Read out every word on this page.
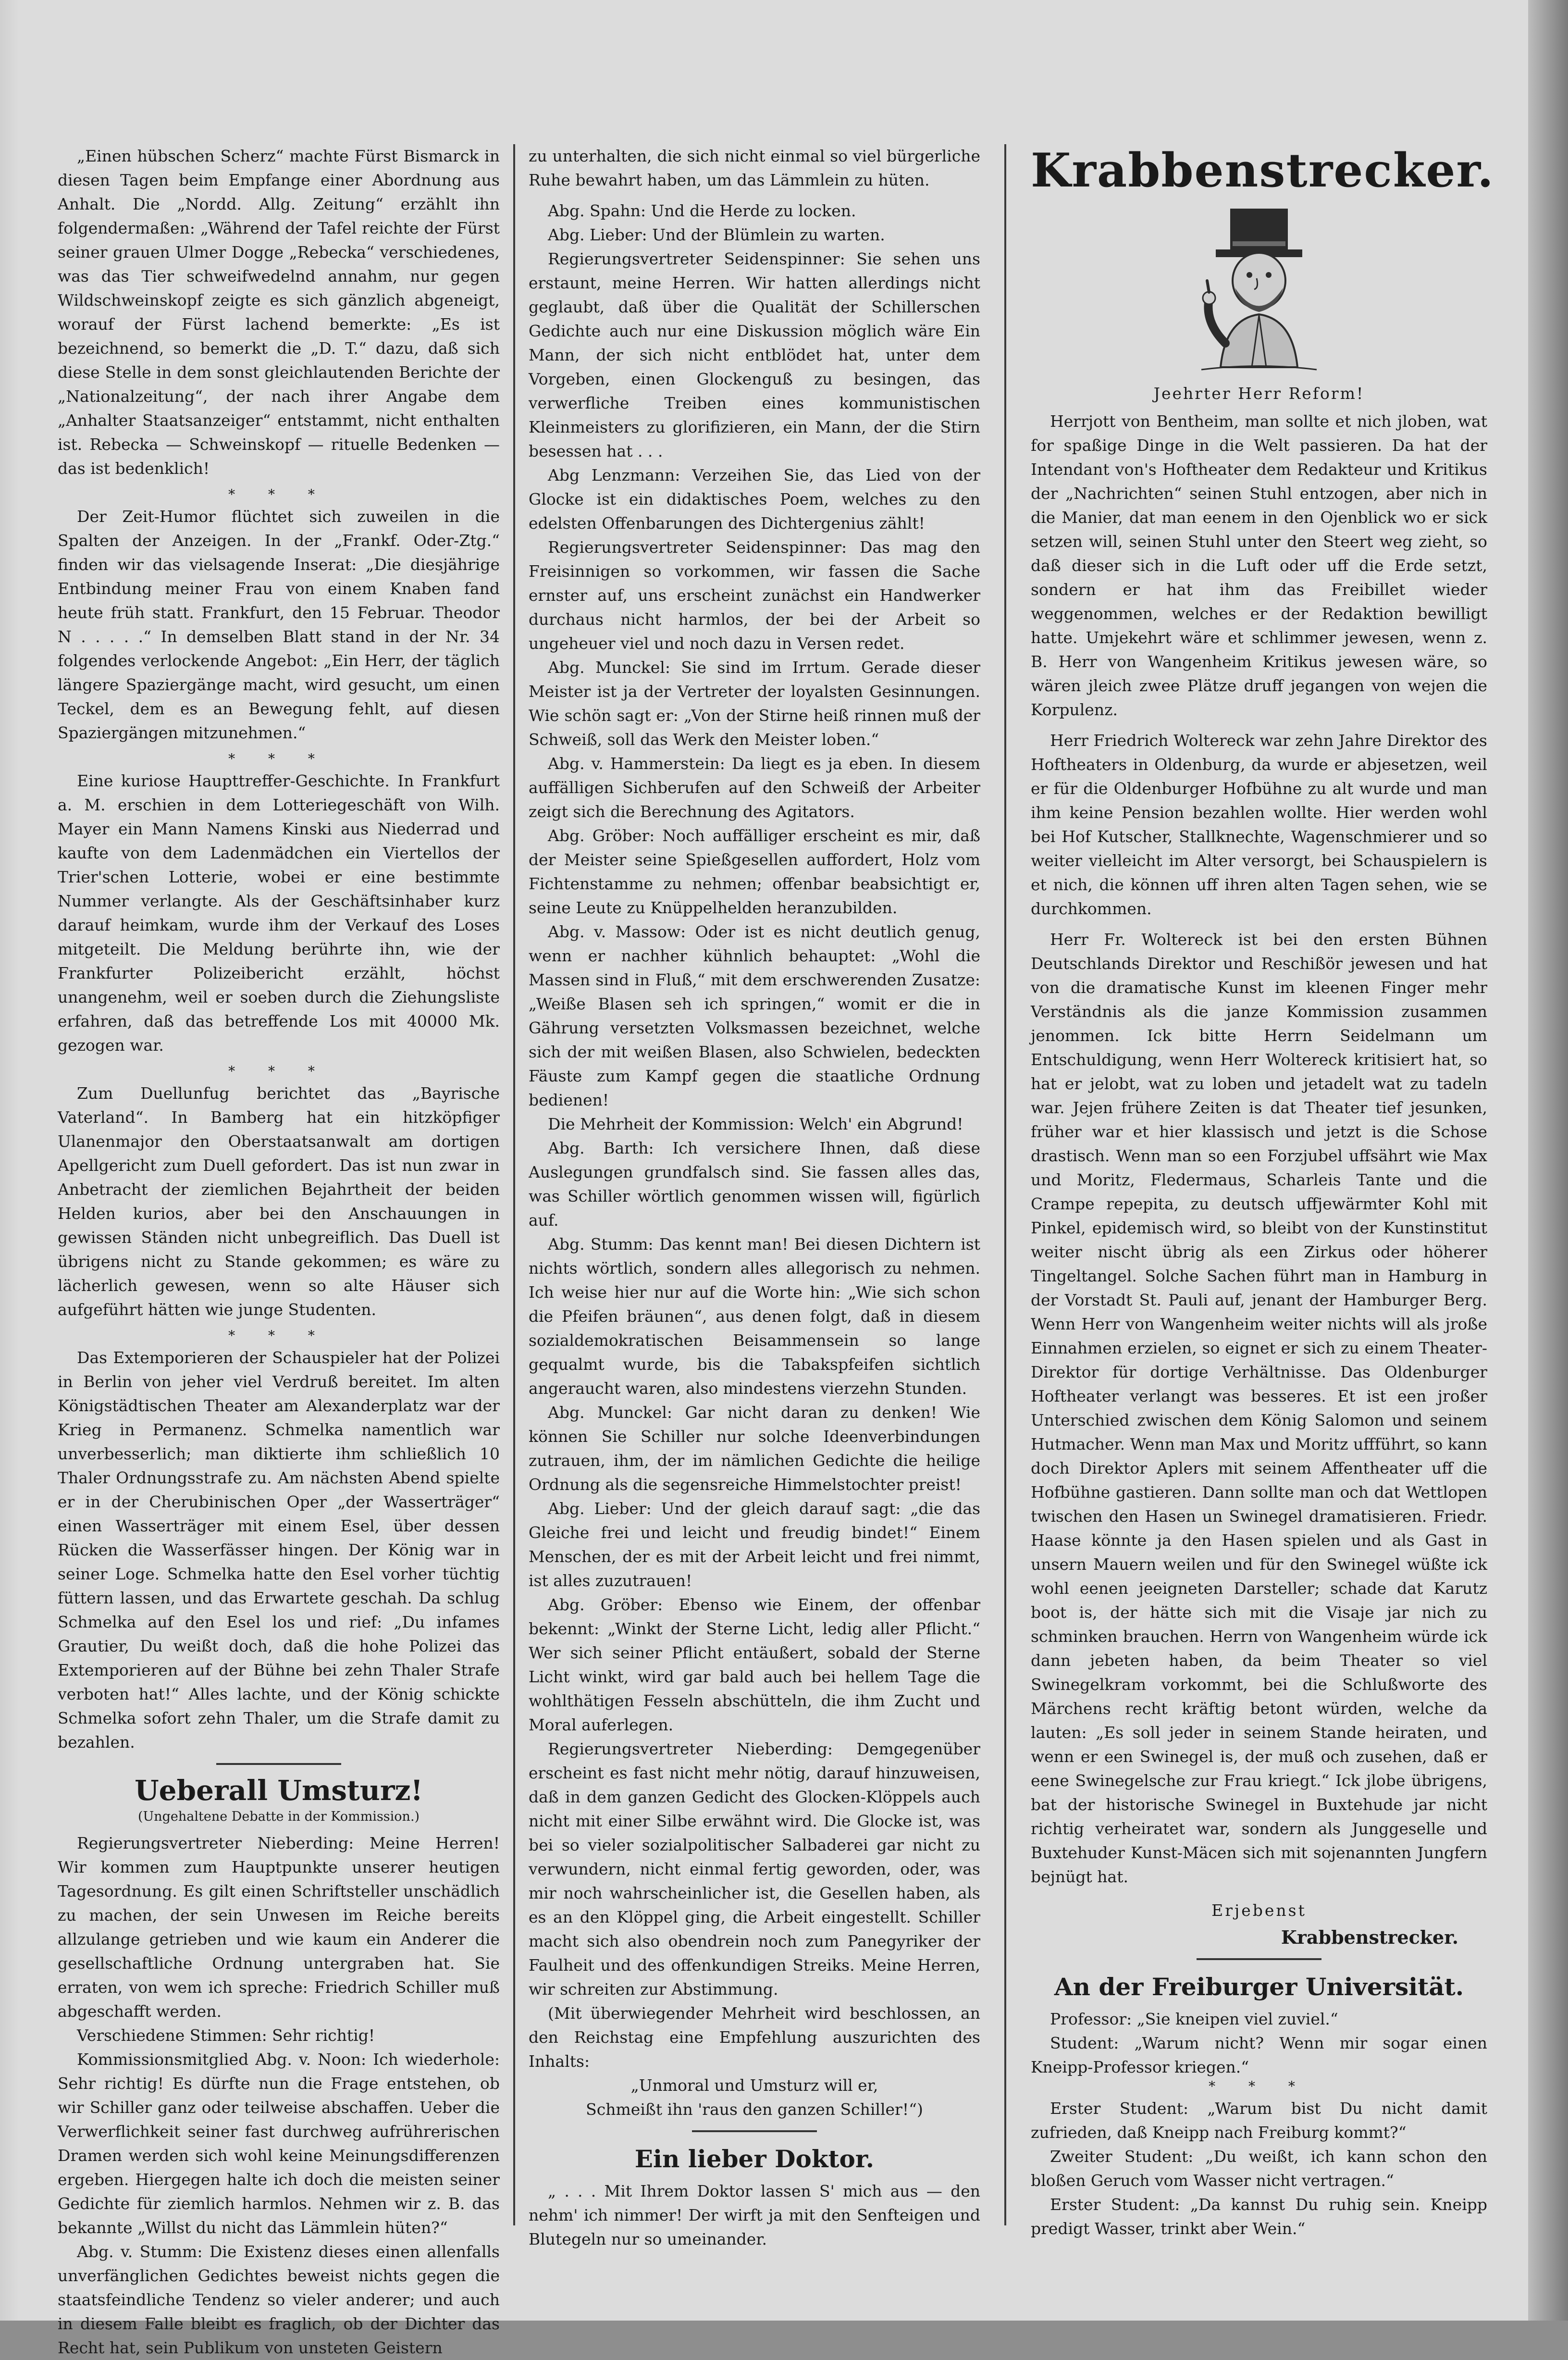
„Einen hübschen Scherz“ machte Fürst Bismarck in diesen Tagen beim Empfange einer Abordnung aus Anhalt. Die „Nordd. Allg. Zeitung“ erzählt ihn folgendermaßen: „Während der Tafel reichte der Fürst seiner grauen Ulmer Dogge „Rebecka“ verschiedenes, was das Tier schweifwedelnd annahm, nur gegen Wildschweinskopf zeigte es sich gänzlich abgeneigt, worauf der Fürst lachend bemerkte: „Es ist bezeichnend, so bemerkt die „D. T.“ dazu, daß sich diese Stelle in dem sonst gleichlautenden Berichte der „Nationalzeitung“, der nach ihrer Angabe dem „Anhalter Staatsanzeiger“ entstammt, nicht enthalten ist. Rebecka — Schweinskopf — rituelle Bedenken — das ist bedenklich!

* * *

Der Zeit-Humor flüchtet sich zuweilen in die Spalten der Anzeigen. In der „Frankf. Oder-Ztg.“ finden wir das vielsagende Inserat: „Die diesjährige Entbindung meiner Frau von einem Knaben fand heute früh statt. Frankfurt, den 15 Februar. Theodor N . . . . .“ In demselben Blatt stand in der Nr. 34 folgendes verlockende Angebot: „Ein Herr, der täglich längere Spaziergänge macht, wird gesucht, um einen Teckel, dem es an Bewegung fehlt, auf diesen Spaziergängen mitzunehmen.“

* * *

Eine kuriose Haupttreffer-Geschichte. In Frankfurt a. M. erschien in dem Lotteriegeschäft von Wilh. Mayer ein Mann Namens Kinski aus Niederrad und kaufte von dem Ladenmädchen ein Viertellos der Trier'schen Lotterie, wobei er eine bestimmte Nummer verlangte. Als der Geschäftsinhaber kurz darauf heimkam, wurde ihm der Verkauf des Loses mitgeteilt. Die Meldung berührte ihn, wie der Frankfurter Polizeibericht erzählt, höchst unangenehm, weil er soeben durch die Ziehungsliste erfahren, daß das betreffende Los mit 40000 Mk. gezogen war.

* * *

Zum Duellunfug berichtet das „Bayrische Vaterland“. In Bamberg hat ein hitzköpfiger Ulanenmajor den Oberstaatsanwalt am dortigen Apellgericht zum Duell gefordert. Das ist nun zwar in Anbetracht der ziemlichen Bejahrtheit der beiden Helden kurios, aber bei den Anschauungen in gewissen Ständen nicht unbegreiflich. Das Duell ist übrigens nicht zu Stande gekommen; es wäre zu lächerlich gewesen, wenn so alte Häuser sich aufgeführt hätten wie junge Studenten.

* * *

Das Extemporieren der Schauspieler hat der Polizei in Berlin von jeher viel Verdruß bereitet. Im alten Königstädtischen Theater am Alexanderplatz war der Krieg in Permanenz. Schmelka namentlich war unverbesserlich; man diktierte ihm schließlich 10 Thaler Ordnungsstrafe zu. Am nächsten Abend spielte er in der Cherubinischen Oper „der Wasserträger“ einen Wasserträger mit einem Esel, über dessen Rücken die Wasserfässer hingen. Der König war in seiner Loge. Schmelka hatte den Esel vorher tüchtig füttern lassen, und das Erwartete geschah. Da schlug Schmelka auf den Esel los und rief: „Du infames Grautier, Du weißt doch, daß die hohe Polizei das Extemporieren auf der Bühne bei zehn Thaler Strafe verboten hat!“ Alles lachte, und der König schickte Schmelka sofort zehn Thaler, um die Strafe damit zu bezahlen.

Ueberall Umsturz!
(Ungehaltene Debatte in der Kommission.)

Regierungsvertreter Nieberding: Meine Herren! Wir kommen zum Hauptpunkte unserer heutigen Tagesordnung. Es gilt einen Schriftsteller unschädlich zu machen, der sein Unwesen im Reiche bereits allzulange getrieben und wie kaum ein Anderer die gesellschaftliche Ordnung untergraben hat. Sie erraten, von wem ich spreche: Friedrich Schiller muß abgeschafft werden.

Verschiedene Stimmen: Sehr richtig!

Kommissionsmitglied Abg. v. Noon: Ich wiederhole: Sehr richtig! Es dürfte nun die Frage entstehen, ob wir Schiller ganz oder teilweise abschaffen. Ueber die Verwerflichkeit seiner fast durchweg aufrührerischen Dramen werden sich wohl keine Meinungsdifferenzen ergeben. Hiergegen halte ich doch die meisten seiner Gedichte für ziemlich harmlos. Nehmen wir z. B. das bekannte „Willst du nicht das Lämmlein hüten?“

Abg. v. Stumm: Die Existenz dieses einen allenfalls unverfänglichen Gedichtes beweist nichts gegen die staatsfeindliche Tendenz so vieler anderer; und auch in diesem Falle bleibt es fraglich, ob der Dichter das Recht hat, sein Publikum von unsteten Geistern

zu unterhalten, die sich nicht einmal so viel bürgerliche Ruhe bewahrt haben, um das Lämmlein zu hüten.

Abg. Spahn: Und die Herde zu locken.

Abg. Lieber: Und der Blümlein zu warten.

Regierungsvertreter Seidenspinner: Sie sehen uns erstaunt, meine Herren. Wir hatten allerdings nicht geglaubt, daß über die Qualität der Schillerschen Gedichte auch nur eine Diskussion möglich wäre Ein Mann, der sich nicht entblödet hat, unter dem Vorgeben, einen Glockenguß zu besingen, das verwerfliche Treiben eines kommunistischen Kleinmeisters zu glorifizieren, ein Mann, der die Stirn besessen hat . . .

Abg Lenzmann: Verzeihen Sie, das Lied von der Glocke ist ein didaktisches Poem, welches zu den edelsten Offenbarungen des Dichtergenius zählt!

Regierungsvertreter Seidenspinner: Das mag den Freisinnigen so vorkommen, wir fassen die Sache ernster auf, uns erscheint zunächst ein Handwerker durchaus nicht harmlos, der bei der Arbeit so ungeheuer viel und noch dazu in Versen redet.

Abg. Munckel: Sie sind im Irrtum. Gerade dieser Meister ist ja der Vertreter der loyalsten Gesinnungen. Wie schön sagt er: „Von der Stirne heiß rinnen muß der Schweiß, soll das Werk den Meister loben.“

Abg. v. Hammerstein: Da liegt es ja eben. In diesem auffälligen Sichberufen auf den Schweiß der Arbeiter zeigt sich die Berechnung des Agitators.

Abg. Gröber: Noch auffälliger erscheint es mir, daß der Meister seine Spießgesellen auffordert, Holz vom Fichtenstamme zu nehmen; offenbar beabsichtigt er, seine Leute zu Knüppelhelden heranzubilden.

Abg. v. Massow: Oder ist es nicht deutlich genug, wenn er nachher kühnlich behauptet: „Wohl die Massen sind in Fluß,“ mit dem erschwerenden Zusatze: „Weiße Blasen seh ich springen,“ womit er die in Gährung versetzten Volksmassen bezeichnet, welche sich der mit weißen Blasen, also Schwielen, bedeckten Fäuste zum Kampf gegen die staatliche Ordnung bedienen!

Die Mehrheit der Kommission: Welch' ein Abgrund!

Abg. Barth: Ich versichere Ihnen, daß diese Auslegungen grundfalsch sind. Sie fassen alles das, was Schiller wörtlich genommen wissen will, figürlich auf.

Abg. Stumm: Das kennt man! Bei diesen Dichtern ist nichts wörtlich, sondern alles allegorisch zu nehmen. Ich weise hier nur auf die Worte hin: „Wie sich schon die Pfeifen bräunen“, aus denen folgt, daß in diesem sozialdemokratischen Beisammensein so lange gequalmt wurde, bis die Tabakspfeifen sichtlich angeraucht waren, also mindestens vierzehn Stunden.

Abg. Munckel: Gar nicht daran zu denken! Wie können Sie Schiller nur solche Ideenverbindungen zutrauen, ihm, der im nämlichen Gedichte die heilige Ordnung als die segensreiche Himmelstochter preist!

Abg. Lieber: Und der gleich darauf sagt: „die das Gleiche frei und leicht und freudig bindet!“ Einem Menschen, der es mit der Arbeit leicht und frei nimmt, ist alles zuzutrauen!

Abg. Gröber: Ebenso wie Einem, der offenbar bekennt: „Winkt der Sterne Licht, ledig aller Pflicht.“ Wer sich seiner Pflicht entäußert, sobald der Sterne Licht winkt, wird gar bald auch bei hellem Tage die wohlthätigen Fesseln abschütteln, die ihm Zucht und Moral auferlegen.

Regierungsvertreter Nieberding: Demgegenüber erscheint es fast nicht mehr nötig, darauf hinzuweisen, daß in dem ganzen Gedicht des Glocken-Klöppels auch nicht mit einer Silbe erwähnt wird. Die Glocke ist, was bei so vieler sozialpolitischer Salbaderei gar nicht zu verwundern, nicht einmal fertig geworden, oder, was mir noch wahrscheinlicher ist, die Gesellen haben, als es an den Klöppel ging, die Arbeit eingestellt. Schiller macht sich also obendrein noch zum Panegyriker der Faulheit und des offenkundigen Streiks. Meine Herren, wir schreiten zur Abstimmung.

(Mit überwiegender Mehrheit wird beschlossen, an den Reichstag eine Empfehlung auszurichten des Inhalts:

„Unmoral und Umsturz will er,

Schmeißt ihn 'raus den ganzen Schiller!“)

Ein lieber Doktor.

„ . . . Mit Ihrem Doktor lassen S' mich aus — den nehm' ich nimmer! Der wirft ja mit den Senfteigen und Blutegeln nur so umeinander.

Krabbenstrecker.

Jeehrter Herr Reform!

Herrjott von Bentheim, man sollte et nich jloben, wat for spaßige Dinge in die Welt passieren. Da hat der Intendant von's Hoftheater dem Redakteur und Kritikus der „Nachrichten“ seinen Stuhl entzogen, aber nich in die Manier, dat man eenem in den Ojenblick wo er sick setzen will, seinen Stuhl unter den Steert weg zieht, so daß dieser sich in die Luft oder uff die Erde setzt, sondern er hat ihm das Freibillet wieder weggenommen, welches er der Redaktion bewilligt hatte. Umjekehrt wäre et schlimmer jewesen, wenn z. B. Herr von Wangenheim Kritikus jewesen wäre, so wären jleich zwee Plätze druff jegangen von wejen die Korpulenz.

Herr Friedrich Woltereck war zehn Jahre Direktor des Hoftheaters in Oldenburg, da wurde er abjesetzen, weil er für die Oldenburger Hofbühne zu alt wurde und man ihm keine Pension bezahlen wollte. Hier werden wohl bei Hof Kutscher, Stallknechte, Wagenschmierer und so weiter vielleicht im Alter versorgt, bei Schauspielern is et nich, die können uff ihren alten Tagen sehen, wie se durchkommen.

Herr Fr. Woltereck ist bei den ersten Bühnen Deutschlands Direktor und Reschißör jewesen und hat von die dramatische Kunst im kleenen Finger mehr Verständnis als die janze Kommission zusammen jenommen. Ick bitte Herrn Seidelmann um Entschuldigung, wenn Herr Woltereck kritisiert hat, so hat er jelobt, wat zu loben und jetadelt wat zu tadeln war. Jejen frühere Zeiten is dat Theater tief jesunken, früher war et hier klassisch und jetzt is die Schose drastisch. Wenn man so een Forzjubel uffsährt wie Max und Moritz, Fledermaus, Scharleis Tante und die Crampe repepita, zu deutsch uffjewärmter Kohl mit Pinkel, epidemisch wird, so bleibt von der Kunstinstitut weiter nischt übrig als een Zirkus oder höherer Tingeltangel. Solche Sachen führt man in Hamburg in der Vorstadt St. Pauli auf, jenant der Hamburger Berg. Wenn Herr von Wangenheim weiter nichts will als jroße Einnahmen erzielen, so eignet er sich zu einem Theater-Direktor für dortige Verhältnisse. Das Oldenburger Hoftheater verlangt was besseres. Et ist een jroßer Unterschied zwischen dem König Salomon und seinem Hutmacher. Wenn man Max und Moritz uffführt, so kann doch Direktor Aplers mit seinem Affentheater uff die Hofbühne gastieren. Dann sollte man och dat Wettlopen twischen den Hasen un Swinegel dramatisieren. Friedr. Haase könnte ja den Hasen spielen und als Gast in unsern Mauern weilen und für den Swinegel wüßte ick wohl eenen jeeigneten Darsteller; schade dat Karutz boot is, der hätte sich mit die Visaje jar nich zu schminken brauchen. Herrn von Wangenheim würde ick dann jebeten haben, da beim Theater so viel Swinegelkram vorkommt, bei die Schlußworte des Märchens recht kräftig betont würden, welche da lauten: „Es soll jeder in seinem Stande heiraten, und wenn er een Swinegel is, der muß och zusehen, daß er eene Swinegelsche zur Frau kriegt.“ Ick jlobe übrigens, bat der historische Swinegel in Buxtehude jar nicht richtig verheiratet war, sondern als Junggeselle und Buxtehuder Kunst-Mäcen sich mit sojenannten Jungfern bejnügt hat.

Erjebenst

Krabbenstrecker.

An der Freiburger Universität.

Professor: „Sie kneipen viel zuviel.“

Student: „Warum nicht? Wenn mir sogar einen Kneipp-Professor kriegen.“

* * *

Erster Student: „Warum bist Du nicht damit zufrieden, daß Kneipp nach Freiburg kommt?“

Zweiter Student: „Du weißt, ich kann schon den bloßen Geruch vom Wasser nicht vertragen.“

Erster Student: „Da kannst Du ruhig sein. Kneipp predigt Wasser, trinkt aber Wein.“
